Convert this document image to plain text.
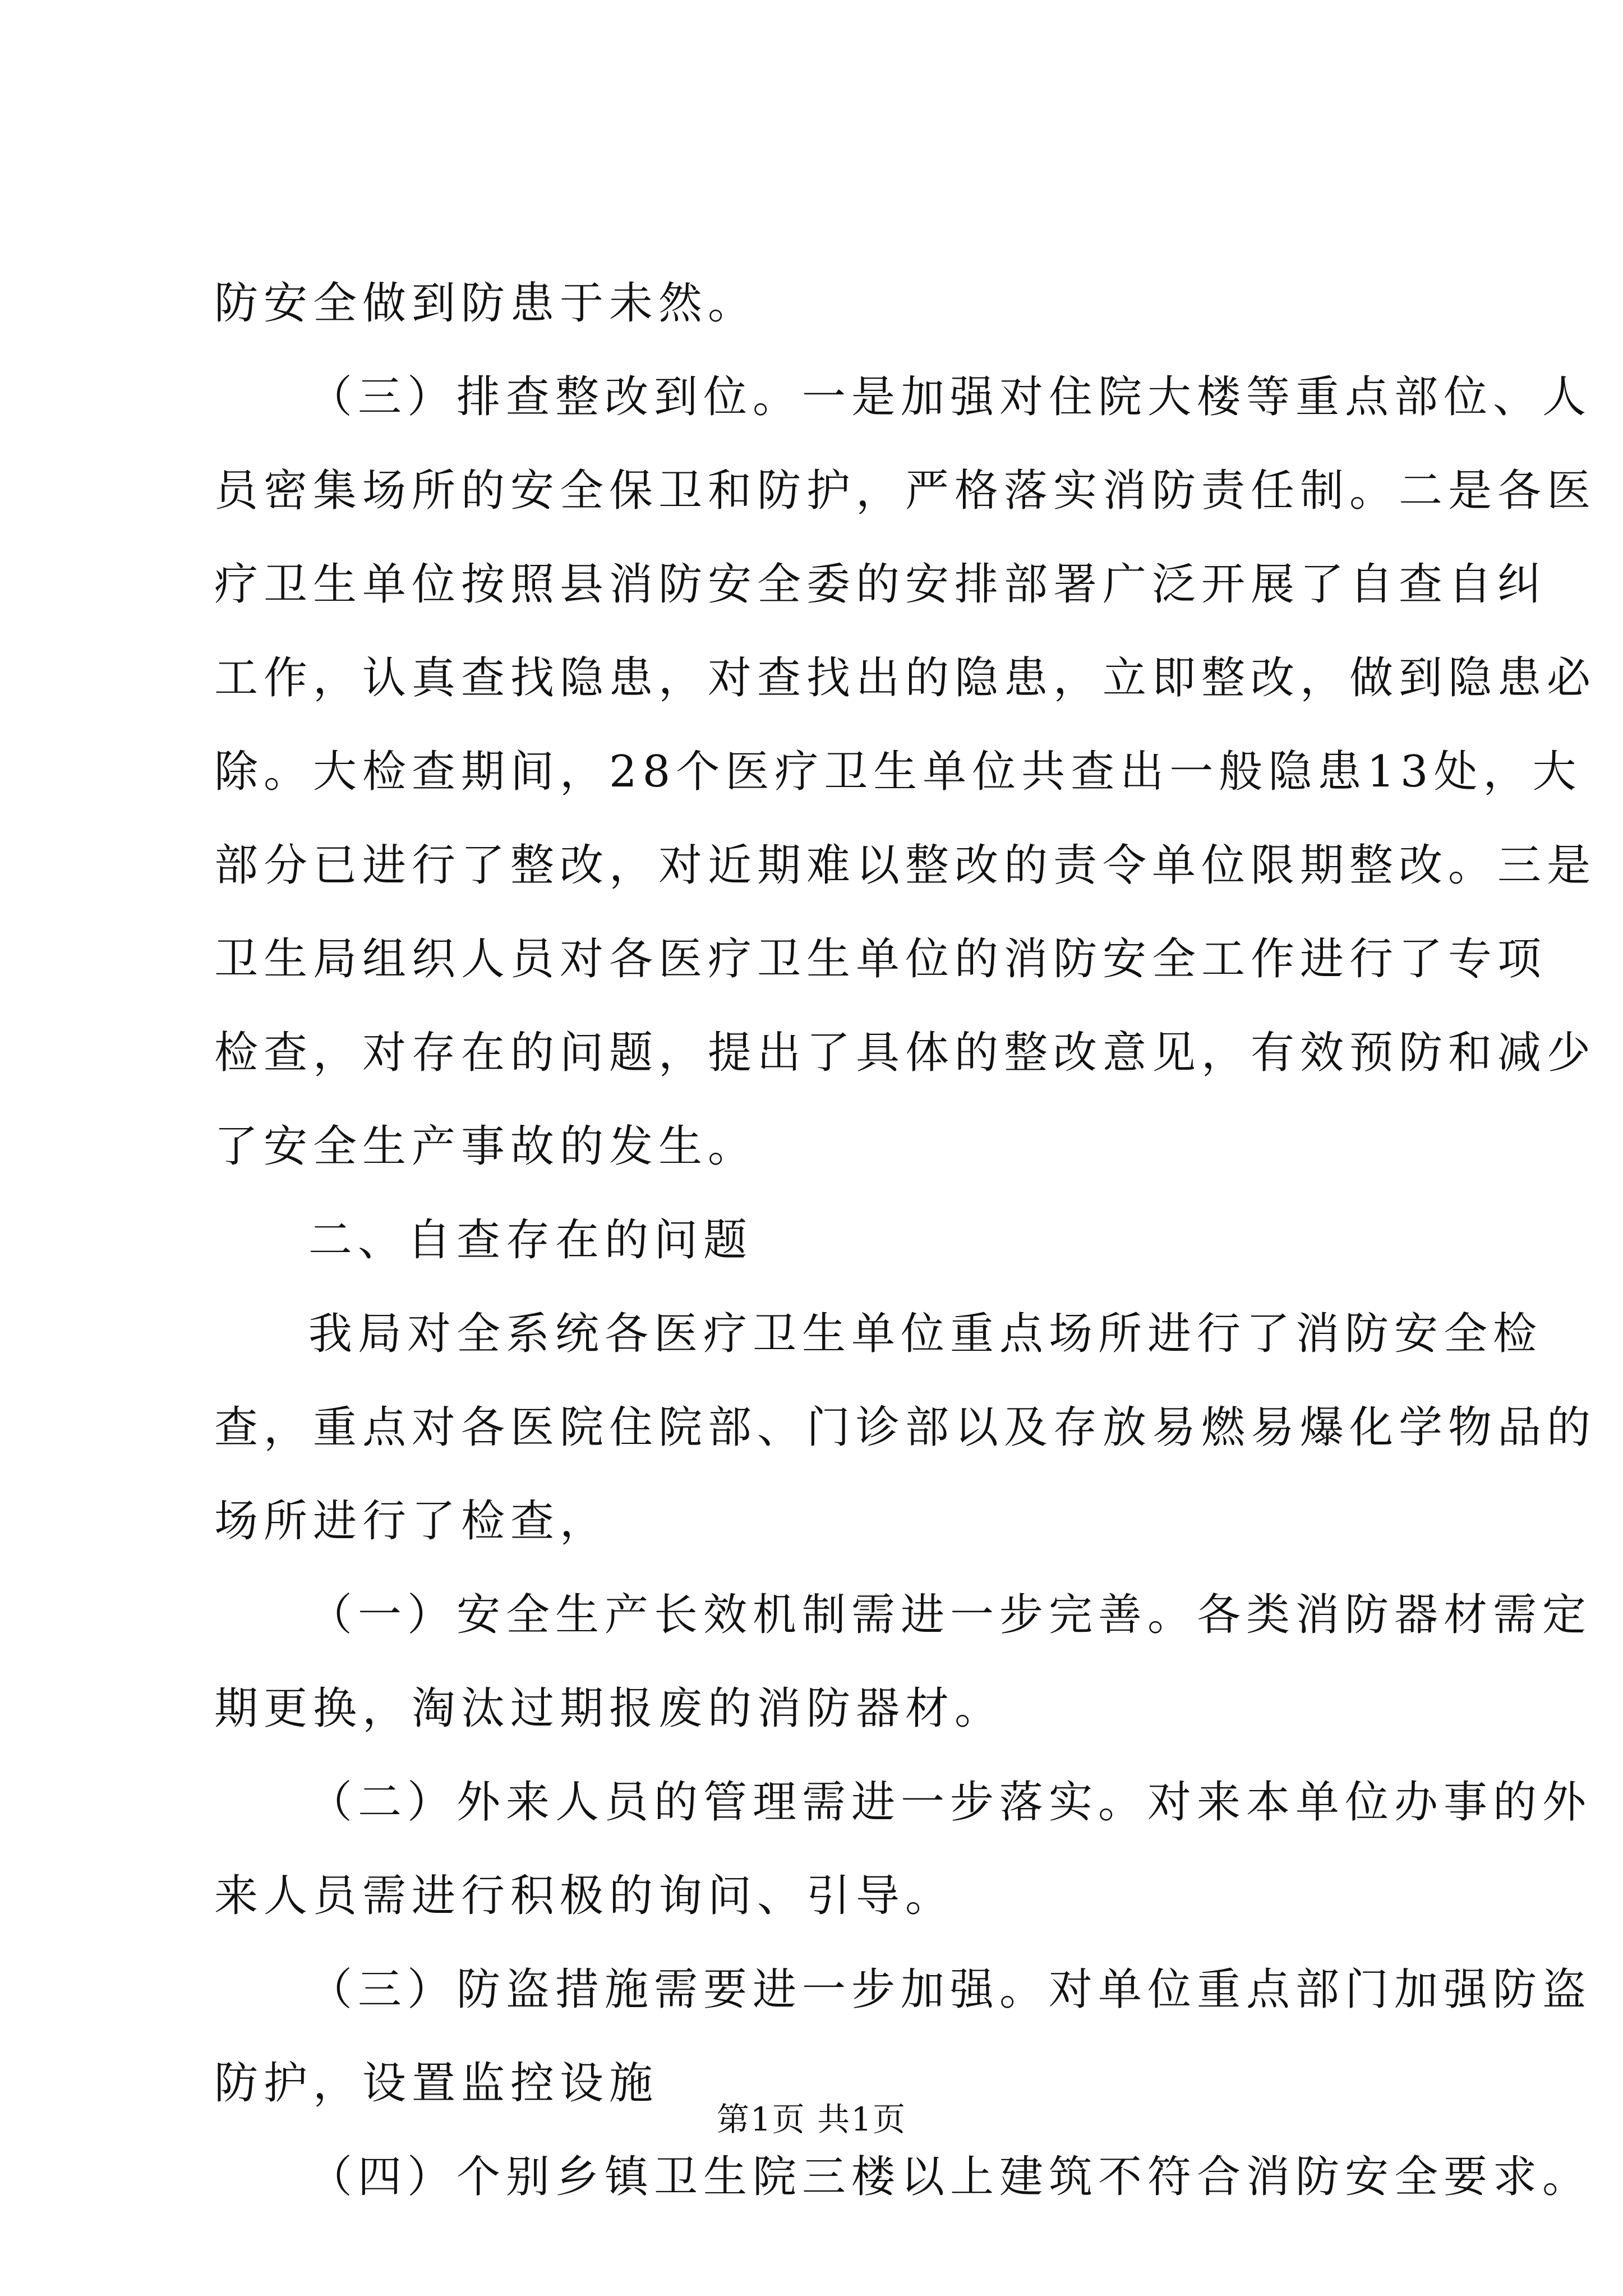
防安全做到防患于未然。
（三）排查整改到位。一是加强对住院大楼等重点部位、人
员密集场所的安全保卫和防护，严格落实消防责任制。二是各医
疗卫生单位按照县消防安全委的安排部署广泛开展了自查自纠
工作，认真查找隐患，对查找出的隐患，立即整改，做到隐患必
除。大检查期间，28个医疗卫生单位共查出一般隐患13处，大
部分已进行了整改，对近期难以整改的责令单位限期整改。三是
卫生局组织人员对各医疗卫生单位的消防安全工作进行了专项
检查，对存在的问题，提出了具体的整改意见，有效预防和减少
了安全生产事故的发生。
二、自查存在的问题
我局对全系统各医疗卫生单位重点场所进行了消防安全检
查，重点对各医院住院部、门诊部以及存放易燃易爆化学物品的
场所进行了检查，
（一）安全生产长效机制需进一步完善。各类消防器材需定
期更换，淘汰过期报废的消防器材。
（二）外来人员的管理需进一步落实。对来本单位办事的外
来人员需进行积极的询问、引导。
（三）防盗措施需要进一步加强。对单位重点部门加强防盗
防护，设置监控设施
（四）个别乡镇卫生院三楼以上建筑不符合消防安全要求。
第1页 共1页
